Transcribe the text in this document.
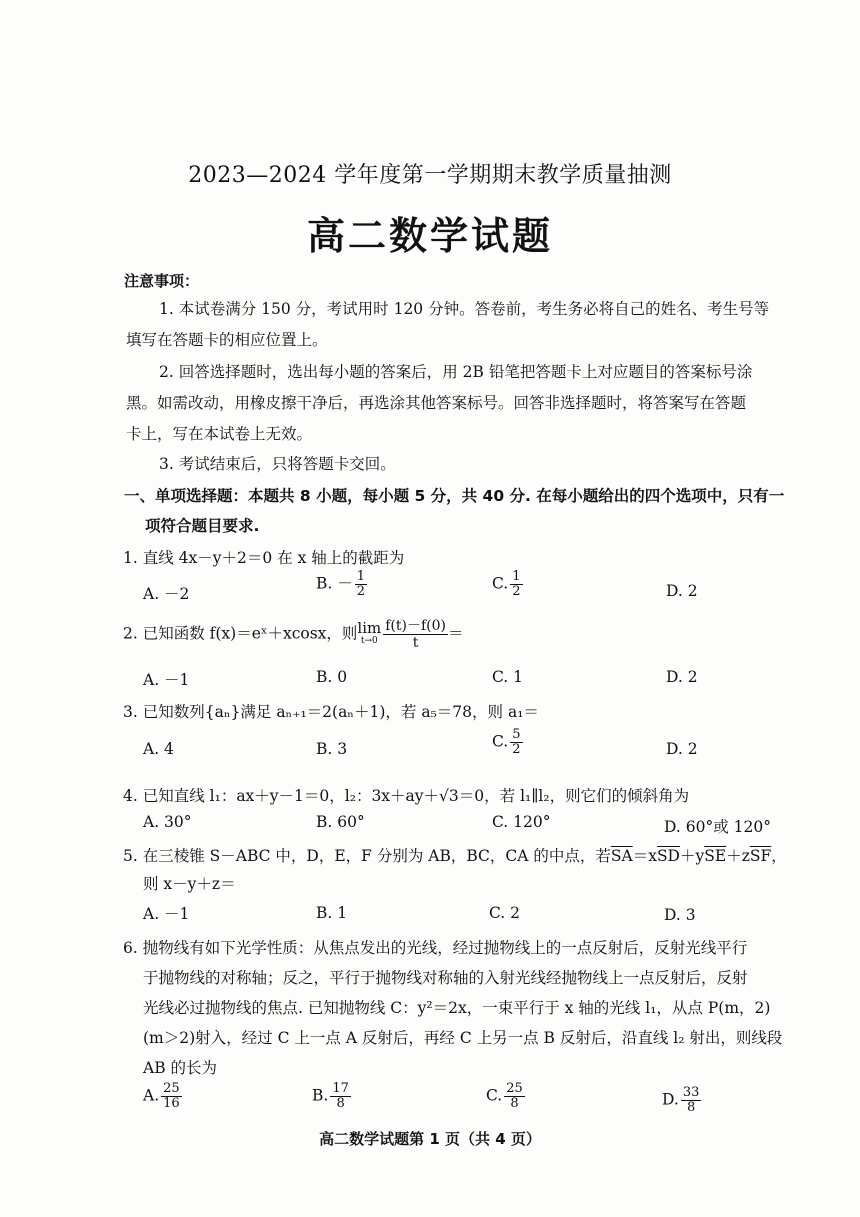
2023—2024 学年度第一学期期末教学质量抽测
高二数学试题
注意事项：
1. 本试卷满分 150 分，考试用时 120 分钟。答卷前，考生务必将自己的姓名、考生号等
填写在答题卡的相应位置上。
2. 回答选择题时，选出每小题的答案后，用 2B 铅笔把答题卡上对应题目的答案标号涂
黑。如需改动，用橡皮擦干净后，再选涂其他答案标号。回答非选择题时，将答案写在答题
卡上，写在本试卷上无效。
3. 考试结束后，只将答题卡交回。
一、单项选择题：本题共 8 小题，每小题 5 分，共 40 分. 在每小题给出的四个选项中，只有一
项符合题目要求.
1. 直线 4x－y＋2＝0 在 x 轴上的截距为
A. －2
B. － $\frac{1}{2}$	C. $\frac{1}{2}$	D. 2
2. 已知函数 f(x)＝eˣ＋xcosx，则 lim
$t\to 0 \frac{f(t)-f(0)}{t}$ ＝
A. －1	B. 0	C. 1	D. 2
3. 已知数列{aₙ}满足 aₙ₊₁＝2(aₙ＋1)，若 a₅＝78，则 a₁＝
A. 4	B. 3	C. $\frac{5}{2}$	D. 2
4. 已知直线 l₁：ax＋y－1＝0，l₂：3x＋ay＋√3＝0，若 l₁∥l₂，则它们的倾斜角为
A. 30°	B. 60°	C. 120°	D. 60°或 120°
5. 在三棱锥 S－ABC 中，D，E，F 分别为 AB，BC，CA 的中点，若$\overline{SA}=x\overline{SD}+y\overline{SE}+z\overline{SF}$，
则 x－y＋z＝
A. －1	B. 1	C. 2	D. 3
6. 抛物线有如下光学性质：从焦点发出的光线，经过抛物线上的一点反射后，反射光线平行
于抛物线的对称轴；反之，平行于抛物线对称轴的入射光线经抛物线上一点反射后，反射
光线必过抛物线的焦点. 已知抛物线 C：y²＝2x，一束平行于 x 轴的光线 l₁，从点 P(m，2)
(m＞2)射入，经过 C 上一点 A 反射后，再经 C 上另一点 B 反射后，沿直线 l₂ 射出，则线段
AB 的长为
A. $\frac{25}{16}$	B. $\frac{17}{8}$	C. $\frac{25}{8}$	D. $\frac{33}{8}$
高二数学试题第 1 页（共 4 页）
